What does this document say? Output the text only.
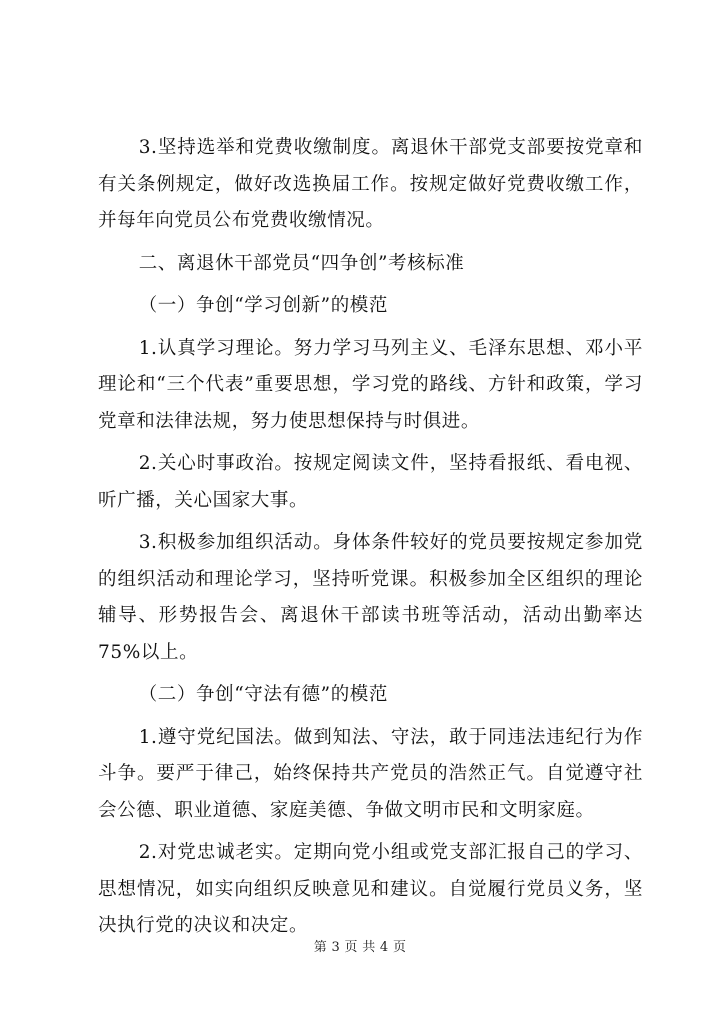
3.坚持选举和党费收缴制度。离退休干部党支部要按党章和有关条例规定，做好改选换届工作。按规定做好党费收缴工作，并每年向党员公布党费收缴情况。

二、离退休干部党员“四争创”考核标准

（一）争创“学习创新”的模范

1.认真学习理论。努力学习马列主义、毛泽东思想、邓小平理论和“三个代表”重要思想，学习党的路线、方针和政策，学习党章和法律法规，努力使思想保持与时俱进。

2.关心时事政治。按规定阅读文件，坚持看报纸、看电视、听广播，关心国家大事。

3.积极参加组织活动。身体条件较好的党员要按规定参加党的组织活动和理论学习，坚持听党课。积极参加全区组织的理论辅导、形势报告会、离退休干部读书班等活动，活动出勤率达 75%以上。

（二）争创“守法有德”的模范

1.遵守党纪国法。做到知法、守法，敢于同违法违纪行为作斗争。要严于律己，始终保持共产党员的浩然正气。自觉遵守社会公德、职业道德、家庭美德、争做文明市民和文明家庭。

2.对党忠诚老实。定期向党小组或党支部汇报自己的学习、思想情况，如实向组织反映意见和建议。自觉履行党员义务，坚决执行党的决议和决定。

第 3 页 共 4 页
